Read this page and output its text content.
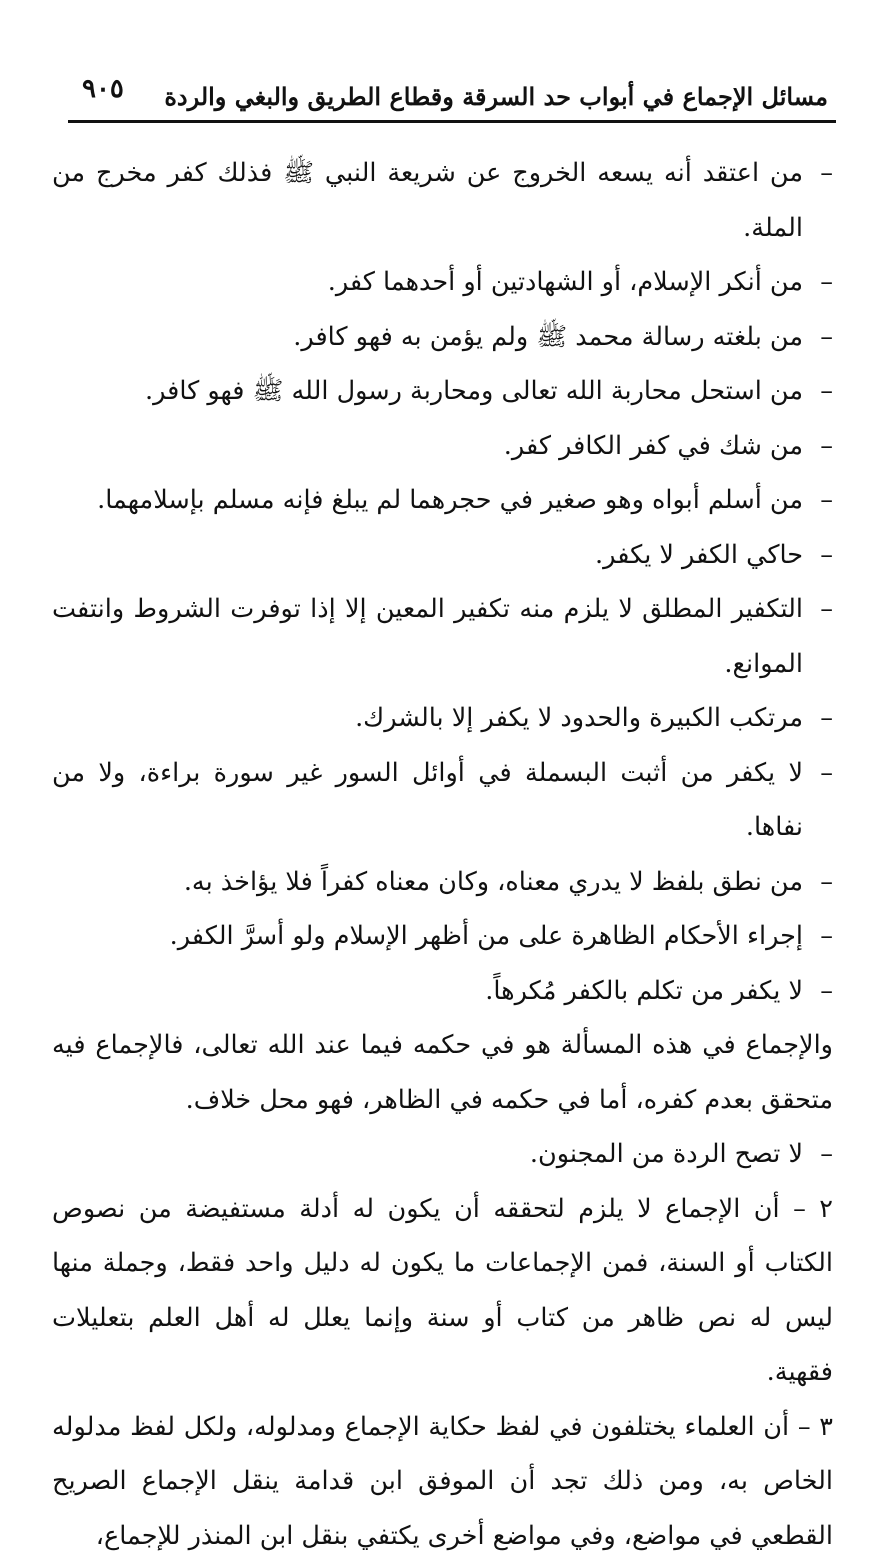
مسائل الإجماع في أبواب حد السرقة وقطاع الطريق والبغي والردة
٩٠٥

–
من اعتقد أنه يسعه الخروج عن شريعة النبي ﷺ فذلك كفر مخرج من الملة.

–
من أنكر الإسلام، أو الشهادتين أو أحدهما كفر.

–
من بلغته رسالة محمد ﷺ ولم يؤمن به فهو كافر.

–
من استحل محاربة الله تعالى ومحاربة رسول الله ﷺ فهو كافر.

–
من شك في كفر الكافر كفر.

–
من أسلم أبواه وهو صغير في حجرهما لم يبلغ فإنه مسلم بإسلامهما.

–
حاكي الكفر لا يكفر.

–
التكفير المطلق لا يلزم منه تكفير المعين إلا إذا توفرت الشروط وانتفت الموانع.

–
مرتكب الكبيرة والحدود لا يكفر إلا بالشرك.

–
لا يكفر من أثبت البسملة في أوائل السور غير سورة براءة، ولا من نفاها.

–
من نطق بلفظ لا يدري معناه، وكان معناه كفراً فلا يؤاخذ به.

–
إجراء الأحكام الظاهرة على من أظهر الإسلام ولو أسرَّ الكفر.

–
لا يكفر من تكلم بالكفر مُكرهاً.

والإجماع في هذه المسألة هو في حكمه فيما عند الله تعالى، فالإجماع فيه متحقق بعدم كفره، أما في حكمه في الظاهر، فهو محل خلاف.

–
لا تصح الردة من المجنون.

٢ – أن الإجماع لا يلزم لتحققه أن يكون له أدلة مستفيضة من نصوص الكتاب أو السنة، فمن الإجماعات ما يكون له دليل واحد فقط، وجملة منها ليس له نص ظاهر من كتاب أو سنة وإنما يعلل له أهل العلم بتعليلات فقهية.

٣ – أن العلماء يختلفون في لفظ حكاية الإجماع ومدلوله، ولكل لفظ مدلوله الخاص به، ومن ذلك تجد أن الموفق ابن قدامة ينقل الإجماع الصريح القطعي في مواضع، وفي مواضع أخرى يكتفي بنقل ابن المنذر للإجماع،
